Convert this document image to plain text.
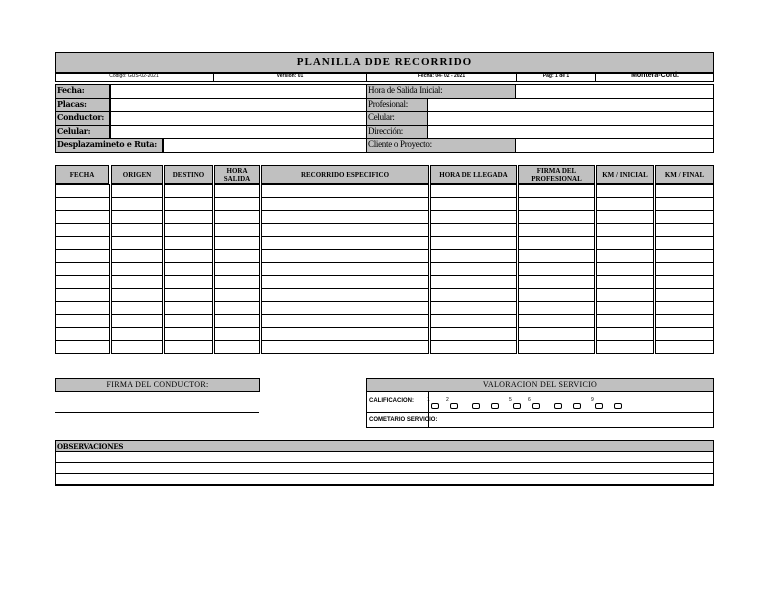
PLANILLA DDE RECORRIDO
Codigo: GUS-02-2021	Version: 01	Fecha: 04- 02 - 2021	Pag: 1 de 1	Montera-Cord.
Fecha:	Hora de Salida Inicial:
Placas:	Profesional:
Conductor:	Celular:
Celular:	Dirección:
Desplazamineto e Ruta:	Cliente o Proyecto:
FECHA	ORIGEN	DESTINO	HORA SALIDA	RECORRIDO ESPECIFICO	HORA DE LLEGADA	FIRMA DEL PROFESIONAL	KM / INICIAL	KM / FINAL
FIRMA DEL CONDUCTOR:	VALORACION DEL SERVICIO
CALIFICACION:	1	2	5	6	9
COMETARIO SERVICIO:
OBSERVACIONES
